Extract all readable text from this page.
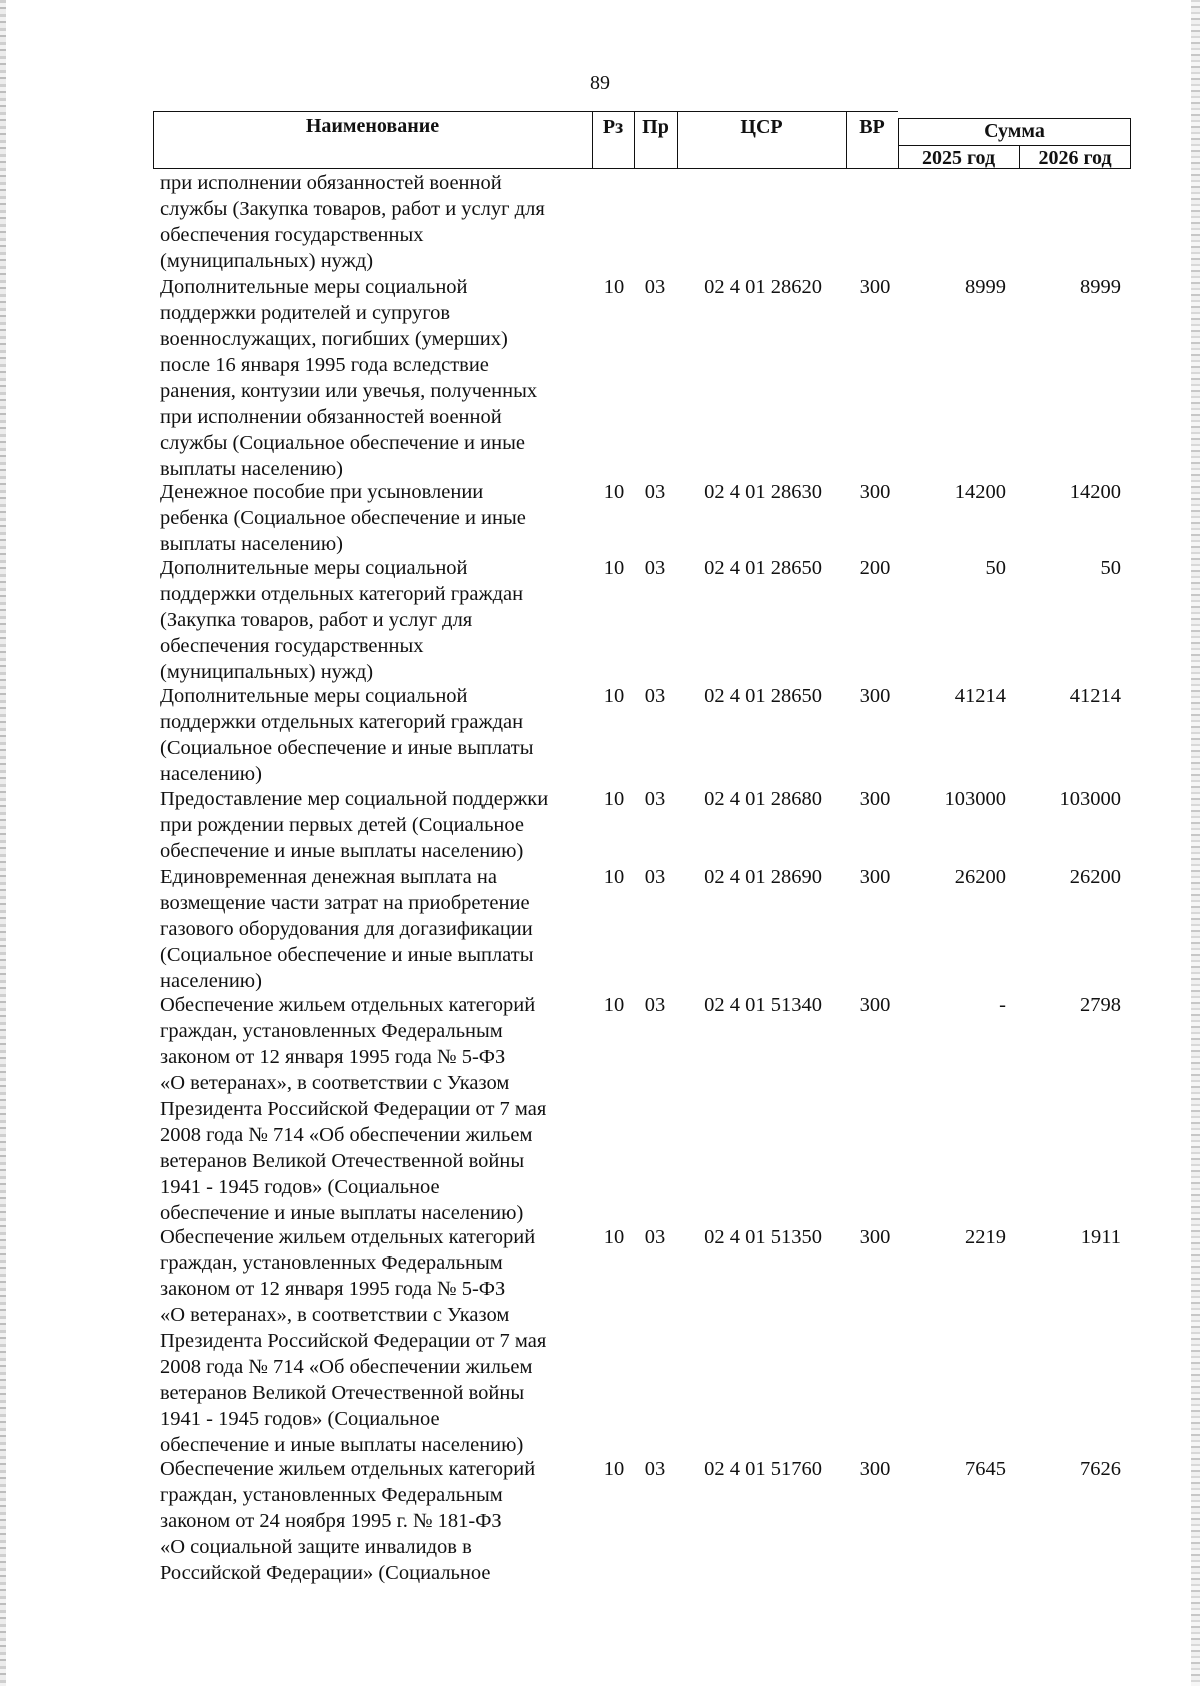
89
Наименование	Рз Пр	ЦСР	ВР	Сумма
2025 год	2026 год
при исполнении обязанностей военной
службы (Закупка товаров, работ и услуг для
обеспечения государственных
(муниципальных) нужд)
Дополнительные меры социальной
поддержки родителей и супругов
военнослужащих, погибших (умерших)
после 16 января 1995 года вследствие
ранения, контузии или увечья, полученных
при исполнении обязанностей военной
службы (Социальное обеспечение и иные
выплаты населению)
10	03	02 4 01 28620	300	8999	8999
Денежное пособие при усыновлении
ребенка (Социальное обеспечение и иные
выплаты населению)
10	03	02 4 01 28630	300	14200	14200
Дополнительные меры социальной
поддержки отдельных категорий граждан
(Закупка товаров, работ и услуг для
обеспечения государственных
(муниципальных) нужд)
10	03	02 4 01 28650	200	50	50
Дополнительные меры социальной
поддержки отдельных категорий граждан
(Социальное обеспечение и иные выплаты
населению)
10	03	02 4 01 28650	300	41214	41214
Предоставление мер социальной поддержки
при рождении первых детей (Социальное
обеспечение и иные выплаты населению)
10	03	02 4 01 28680	300	103000	103000
Единовременная денежная выплата на
возмещение части затрат на приобретение
газового оборудования для догазификации
(Социальное обеспечение и иные выплаты
населению)
10	03	02 4 01 28690	300	26200	26200
Обеспечение жильем отдельных категорий
граждан, установленных Федеральным
законом от 12 января 1995 года № 5-ФЗ
«О ветеранах», в соответствии с Указом
Президента Российской Федерации от 7 мая
2008 года № 714 «Об обеспечении жильем
ветеранов Великой Отечественной войны
1941 - 1945 годов» (Социальное
обеспечение и иные выплаты населению)
10	03	02 4 01 51340	300	-	2798
Обеспечение жильем отдельных категорий
граждан, установленных Федеральным
законом от 12 января 1995 года № 5-ФЗ
«О ветеранах», в соответствии с Указом
Президента Российской Федерации от 7 мая
2008 года № 714 «Об обеспечении жильем
ветеранов Великой Отечественной войны
1941 - 1945 годов» (Социальное
обеспечение и иные выплаты населению)
10	03	02 4 01 51350	300	2219	1911
Обеспечение жильем отдельных категорий
граждан, установленных Федеральным
законом от 24 ноября 1995 г. № 181-ФЗ
«О социальной защите инвалидов в
Российской Федерации» (Социальное
10	03	02 4 01 51760	300	7645	7626
